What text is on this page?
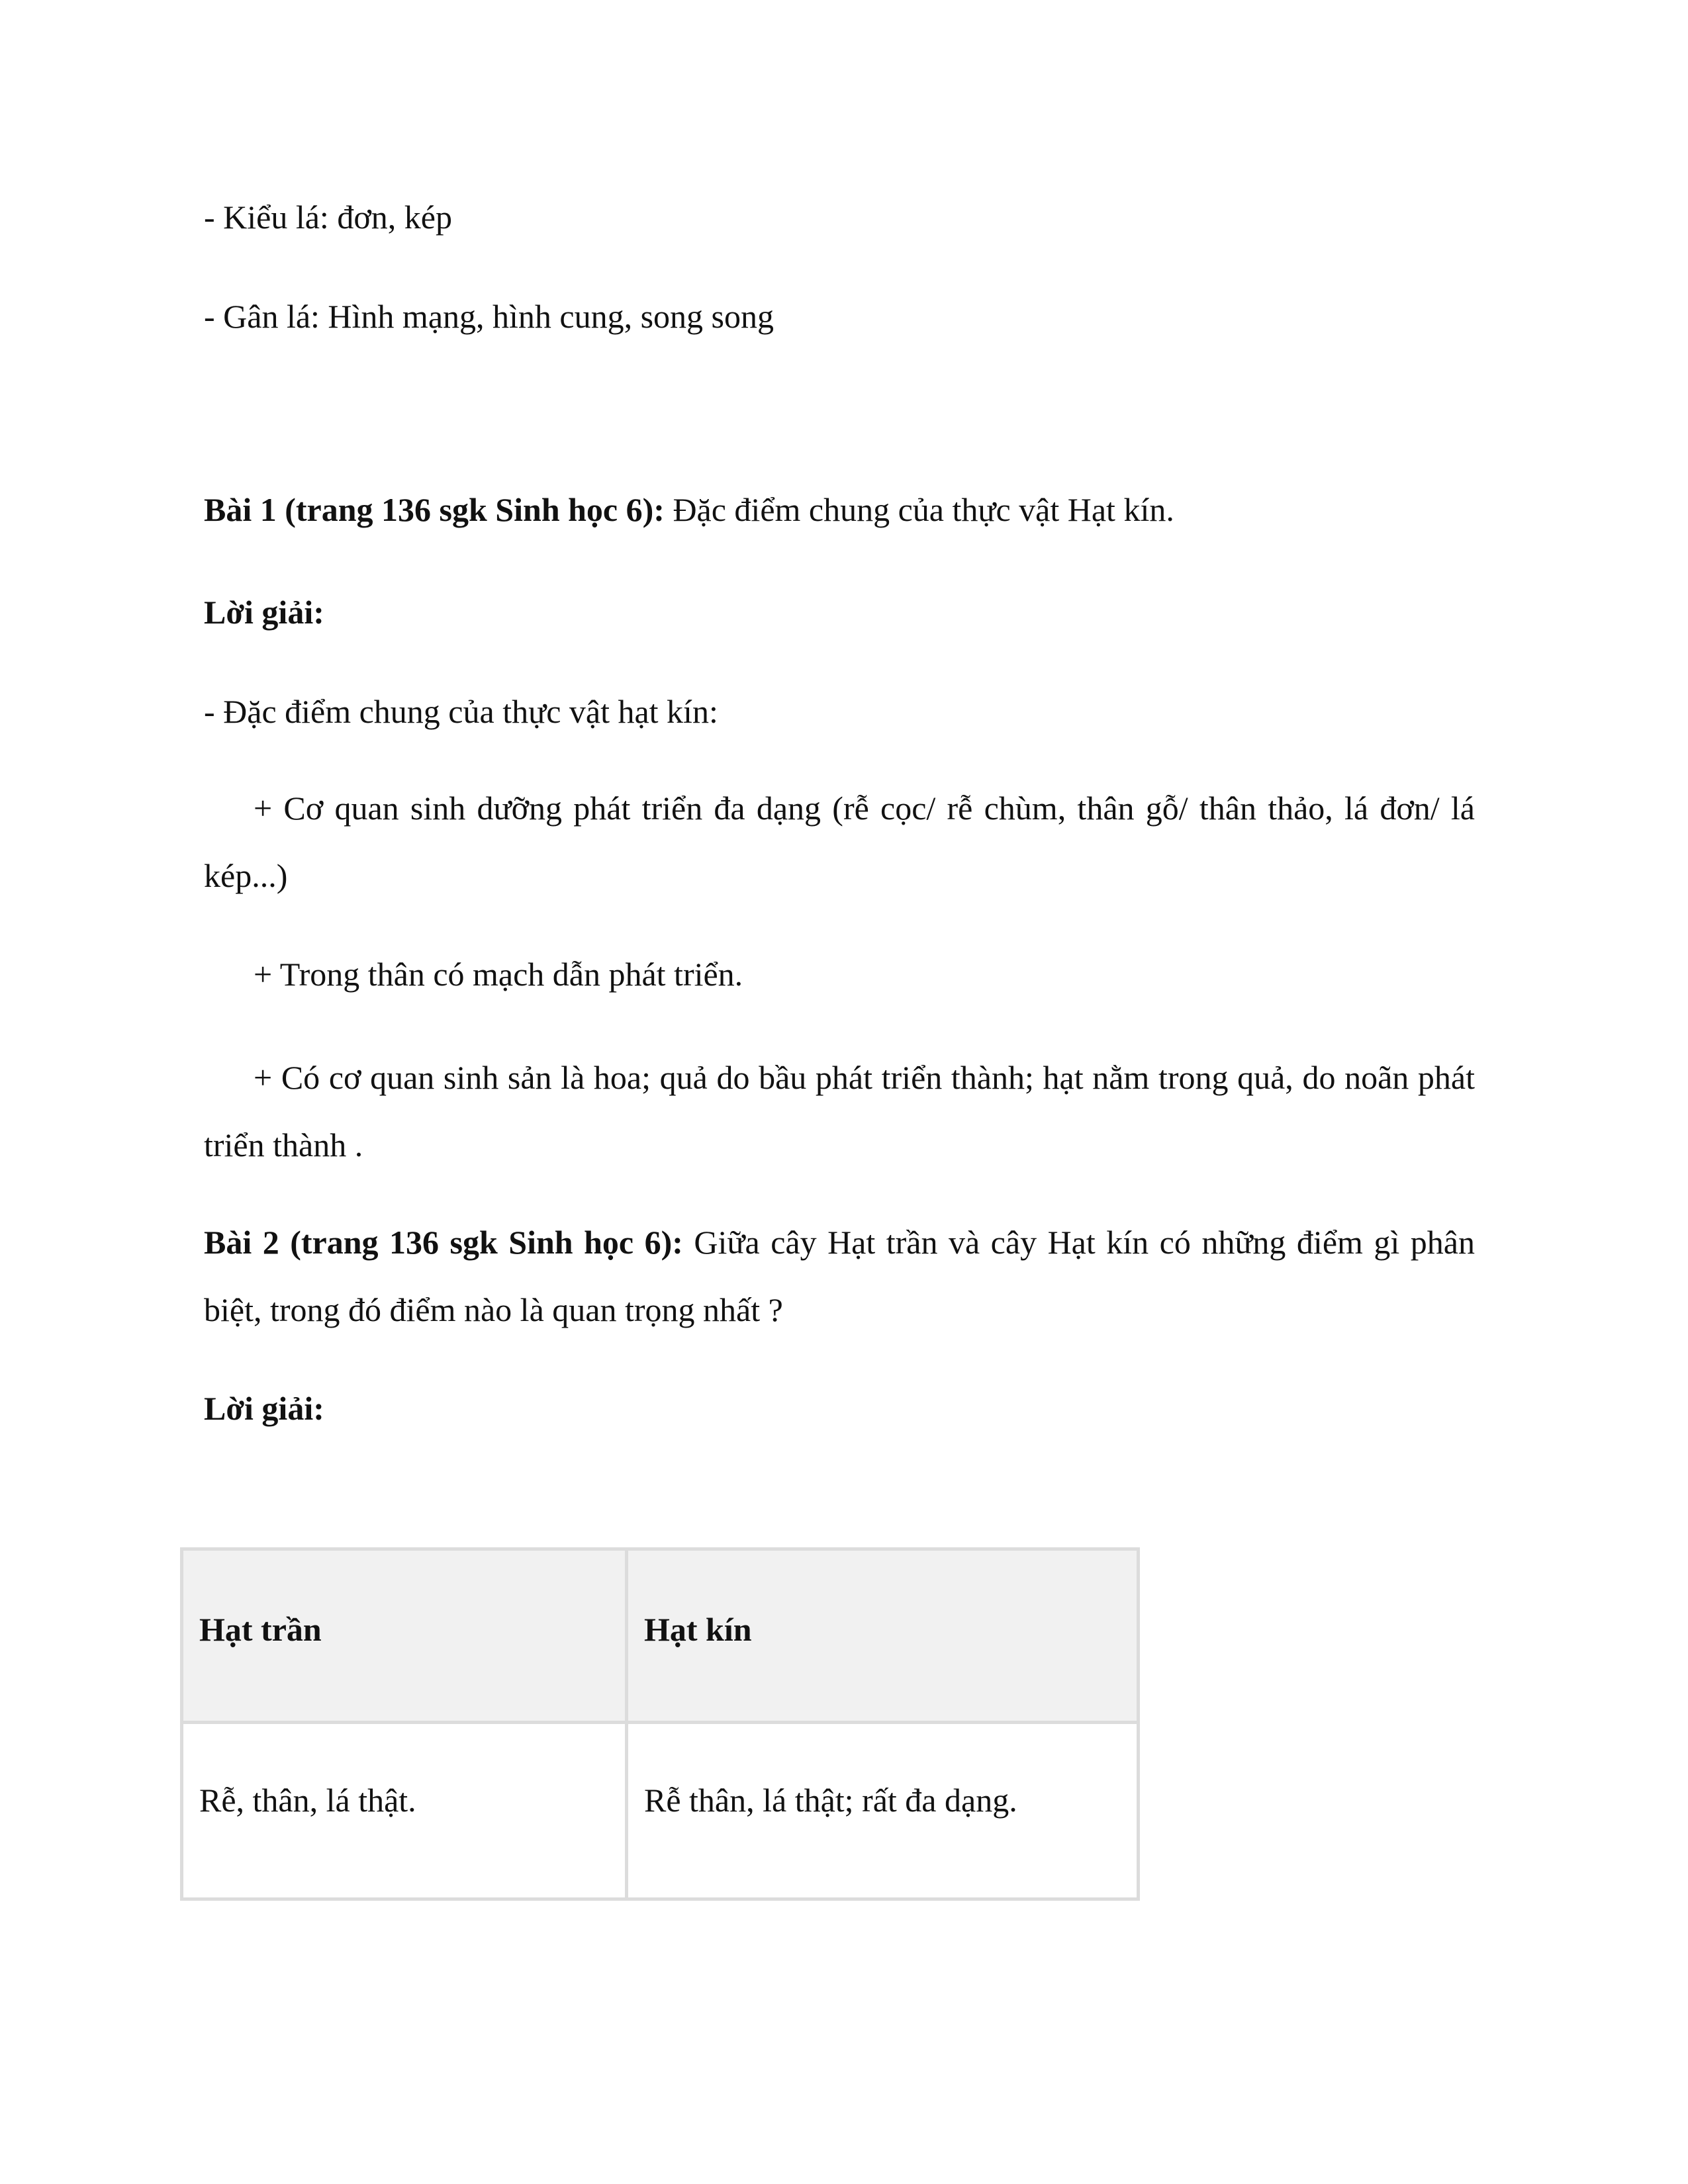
- Kiểu lá: đơn, kép
- Gân lá: Hình mạng, hình cung, song song
Bài 1 (trang 136 sgk Sinh học 6): Đặc điểm chung của thực vật Hạt kín.
Lời giải:
- Đặc điểm chung của thực vật hạt kín:
+ Cơ quan sinh dưỡng phát triển đa dạng (rễ cọc/ rễ chùm, thân gỗ/ thân thảo, lá đơn/ lá kép...)
+ Trong thân có mạch dẫn phát triển.
+ Có cơ quan sinh sản là hoa; quả do bầu phát triển thành; hạt nằm trong quả, do noãn phát triển thành .
Bài 2 (trang 136 sgk Sinh học 6): Giữa cây Hạt trần và cây Hạt kín có những điểm gì phân biệt, trong đó điểm nào là quan trọng nhất ?
Lời giải:
Hạt trần	Hạt kín
Rễ, thân, lá thật.	Rễ thân, lá thật; rất đa dạng.
